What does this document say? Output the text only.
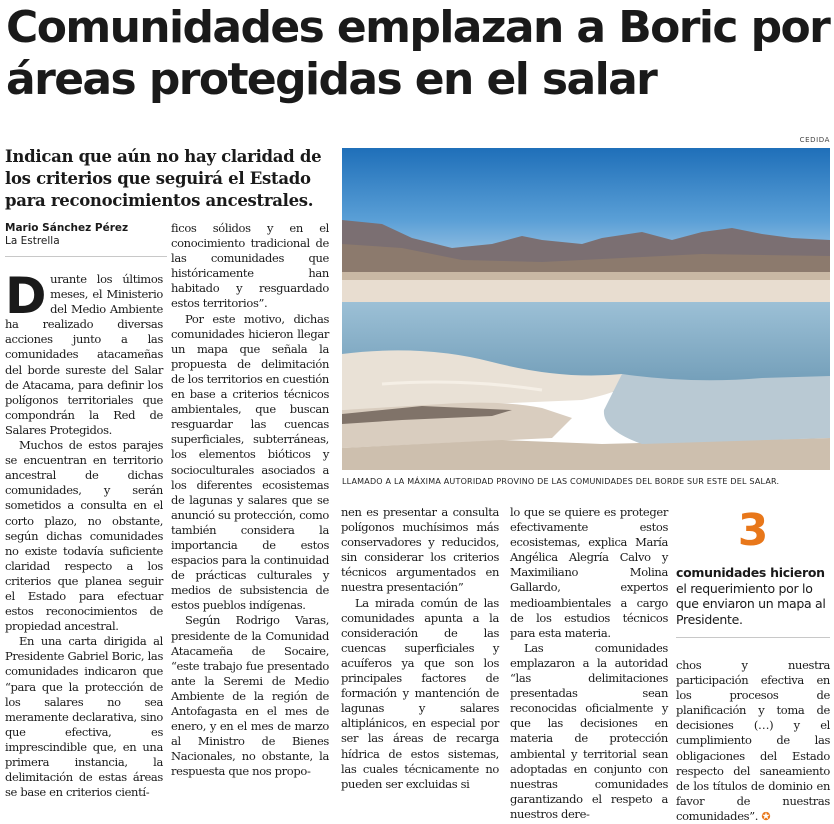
Comunidades emplazan a Boric por áreas protegidas en el salar
Indican que aún no hay claridad de los criterios que seguirá el Estado para reconocimientos ancestrales.
Mario Sánchez Pérez
La Estrella
CEDIDA
LLAMADO A LA MÁXIMA AUTORIDAD PROVINO DE LAS COMUNIDADES DEL BORDE SUR ESTE DEL SALAR.

Durante los últimos meses, el Ministerio del Medio Ambiente ha realizado diversas acciones junto a las comunidades atacameñas del borde sureste del Salar de Atacama, para definir los polígonos territoriales que compondrán la Red de Salares Protegidos.

Muchos de estos parajes se encuentran en territorio ancestral de dichas comunidades, y serán sometidos a consulta en el corto plazo, no obstante, según dichas comunidades no existe todavía suficiente claridad respecto a los criterios que planea seguir el Estado para efectuar estos reconocimientos de propiedad ancestral.

En una carta dirigida al Presidente Gabriel Boric, las comunidades indicaron que “para que la protección de los salares no sea meramente declarativa, sino que efectiva, es imprescindible que, en una primera instancia, la delimitación de estas áreas se base en criterios cientí-

ficos sólidos y en el conocimiento tradicional de las comunidades que históricamente han habitado y resguardado estos territorios”.

Por este motivo, dichas comunidades hicieron llegar un mapa que señala la propuesta de delimitación de los territorios en cuestión en base a criterios técnicos ambientales, que buscan resguardar las cuencas superficiales, subterráneas, los elementos bióticos y socioculturales asociados a los diferentes ecosistemas de lagunas y salares que se anunció su protección, como también considera la importancia de estos espacios para la continuidad de prácticas culturales y medios de subsistencia de estos pueblos indígenas.

Según Rodrigo Varas, presidente de la Comunidad Atacameña de Socaire, “este trabajo fue presentado ante la Seremi de Medio Ambiente de la región de Antofagasta en el mes de enero, y en el mes de marzo al Ministro de Bienes Nacionales, no obstante, la respuesta que nos propo-

nen es presentar a consulta polígonos muchísimos más conservadores y reducidos, sin considerar los criterios técnicos argumentados en nuestra presentación”

La mirada común de las comunidades apunta a la consideración de las cuencas superficiales y acuíferos ya que son los principales factores de formación y mantención de lagunas y salares altiplánicos, en especial por ser las áreas de recarga hídrica de estos sistemas, las cuales técnicamente no pueden ser excluidas si

lo que se quiere es proteger efectivamente estos ecosistemas, explica María Angélica Alegría Calvo y Maximiliano Molina Gallardo, expertos medioambientales a cargo de los estudios técnicos para esta materia.

Las comunidades emplazaron a la autoridad “las delimitaciones presentadas sean reconocidas oficialmente y que las decisiones en materia de protección ambiental y territorial sean adoptadas en conjunto con nuestras comunidades garantizando el respeto a nuestros dere-

3
comunidades hicieron el requerimiento por lo que enviaron un mapa al Presidente.

chos y nuestra participación efectiva en los procesos de planificación y toma de decisiones (…) y el cumplimiento de las obligaciones del Estado respecto del saneamiento de los títulos de dominio en favor de nuestras comunidades”. ✪
